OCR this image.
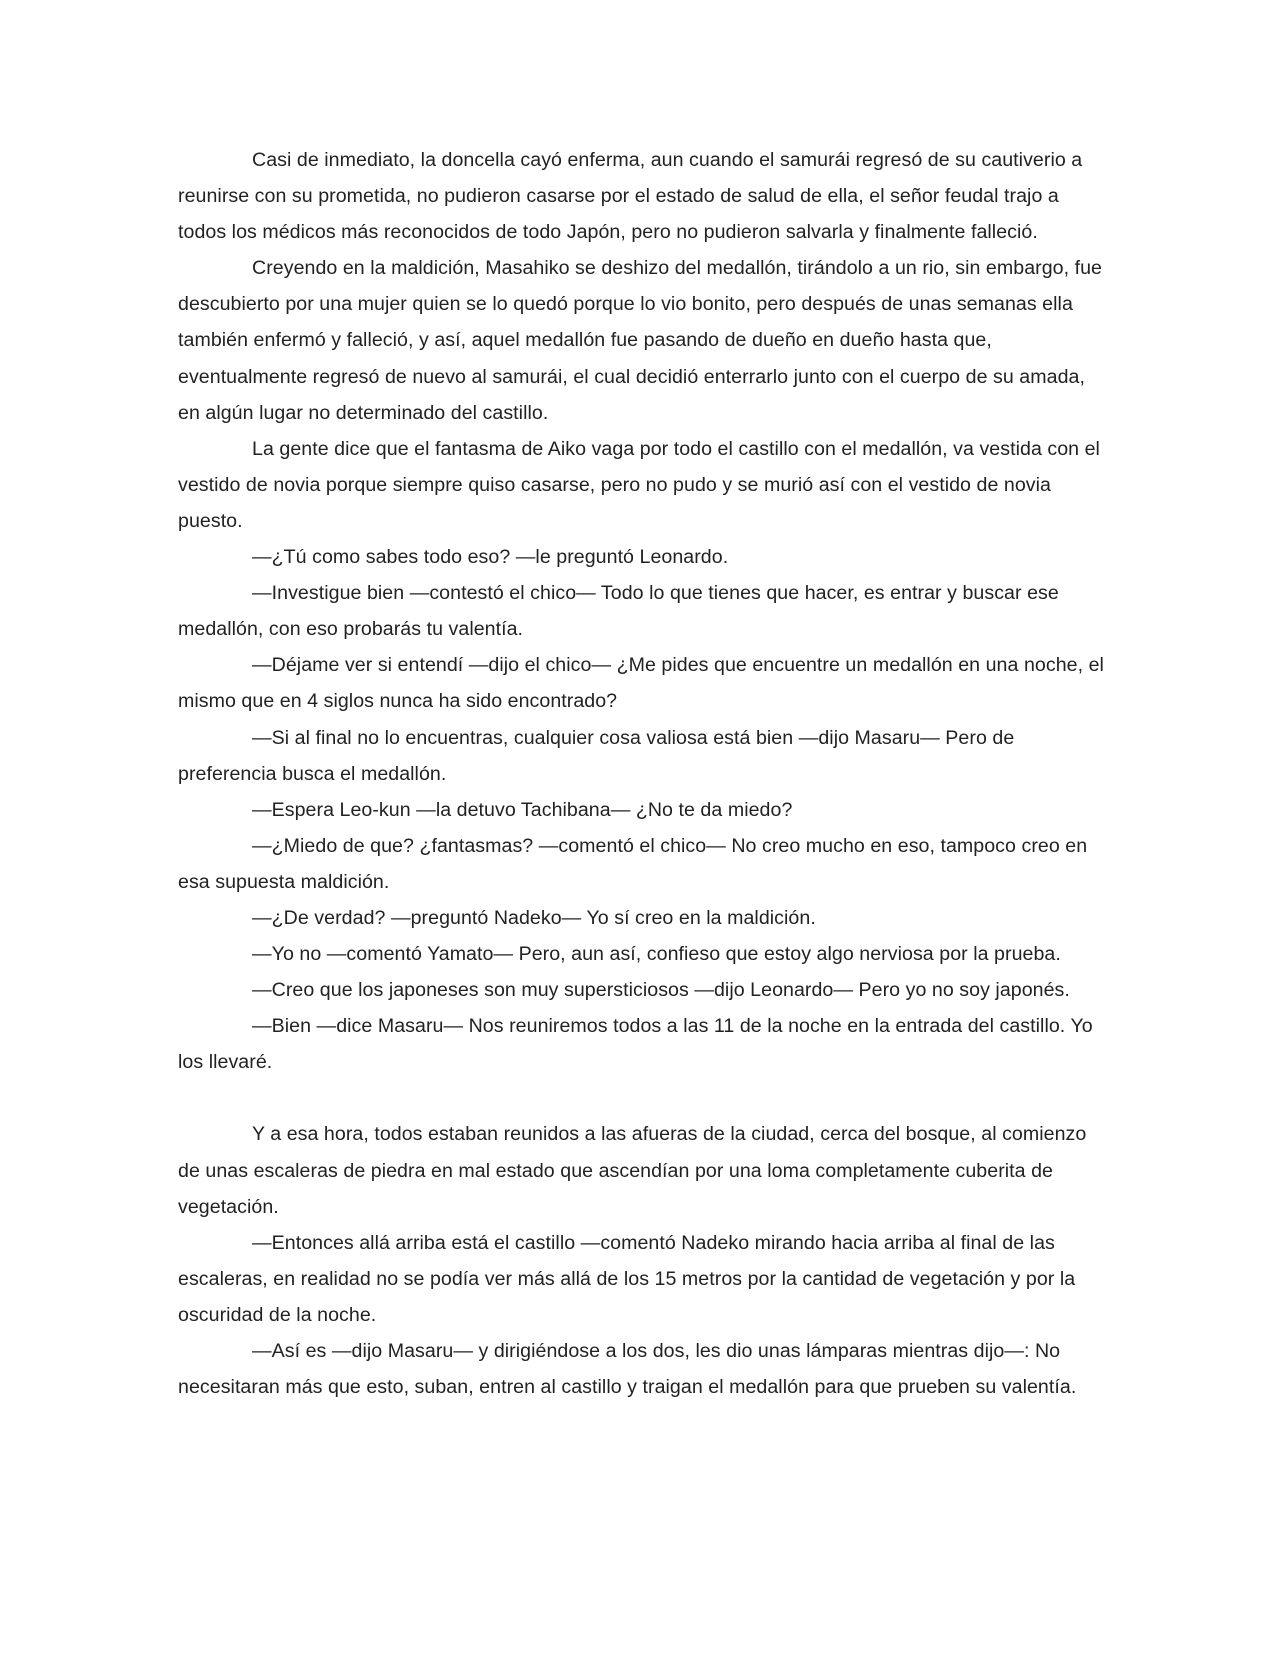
Casi de inmediato, la doncella cayó enferma, aun cuando el samurái regresó de su cautiverio a reunirse con su prometida, no pudieron casarse por el estado de salud de ella, el señor feudal trajo a todos los médicos más reconocidos de todo Japón, pero no pudieron salvarla y finalmente falleció.

Creyendo en la maldición, Masahiko se deshizo del medallón, tirándolo a un rio, sin embargo, fue descubierto por una mujer quien se lo quedó porque lo vio bonito, pero después de unas semanas ella también enfermó y falleció, y así, aquel medallón fue pasando de dueño en dueño hasta que, eventualmente regresó de nuevo al samurái, el cual decidió enterrarlo junto con el cuerpo de su amada, en algún lugar no determinado del castillo.

La gente dice que el fantasma de Aiko vaga por todo el castillo con el medallón, va vestida con el vestido de novia porque siempre quiso casarse, pero no pudo y se murió así con el vestido de novia puesto.

—¿Tú como sabes todo eso? —le preguntó Leonardo.

—Investigue bien —contestó el chico— Todo lo que tienes que hacer, es entrar y buscar ese medallón, con eso probarás tu valentía.

—Déjame ver si entendí —dijo el chico— ¿Me pides que encuentre un medallón en una noche, el mismo que en 4 siglos nunca ha sido encontrado?

—Si al final no lo encuentras, cualquier cosa valiosa está bien —dijo Masaru— Pero de preferencia busca el medallón.

—Espera Leo-kun —la detuvo Tachibana— ¿No te da miedo?

—¿Miedo de que? ¿fantasmas? —comentó el chico— No creo mucho en eso, tampoco creo en esa supuesta maldición.

—¿De verdad? —preguntó Nadeko— Yo sí creo en la maldición.

—Yo no —comentó Yamato— Pero, aun así, confieso que estoy algo nerviosa por la prueba.

—Creo que los japoneses son muy supersticiosos —dijo Leonardo— Pero yo no soy japonés.

—Bien —dice Masaru— Nos reuniremos todos a las 11 de la noche en la entrada del castillo. Yo los llevaré.

Y a esa hora, todos estaban reunidos a las afueras de la ciudad, cerca del bosque, al comienzo de unas escaleras de piedra en mal estado que ascendían por una loma completamente cuberita de vegetación.

—Entonces allá arriba está el castillo —comentó Nadeko mirando hacia arriba al final de las escaleras, en realidad no se podía ver más allá de los 15 metros por la cantidad de vegetación y por la oscuridad de la noche.

—Así es —dijo Masaru— y dirigiéndose a los dos, les dio unas lámparas mientras dijo—: No necesitaran más que esto, suban, entren al castillo y traigan el medallón para que prueben su valentía.
